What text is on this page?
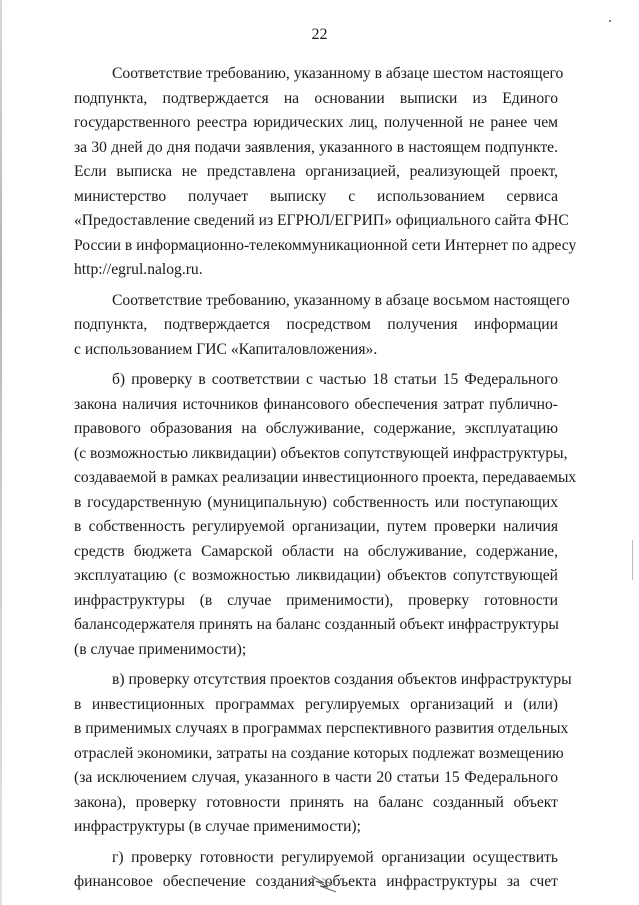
22

Соответствие требованию, указанному в абзаце шестом настоящего
подпункта, подтверждается на основании выписки из Единого
государственного реестра юридических лиц, полученной не ранее чем
за 30 дней до дня подачи заявления, указанного в настоящем подпункте.
Если выписка не представлена организацией, реализующей проект,
министерство получает выписку с использованием сервиса
«Предоставление сведений из ЕГРЮЛ/ЕГРИП» официального сайта ФНС
России в информационно-телекоммуникационной сети Интернет по адресу
http://egrul.nalog.ru.

Соответствие требованию, указанному в абзаце восьмом настоящего
подпункта, подтверждается посредством получения информации
с использованием ГИС «Капиталовложения».

б) проверку в соответствии с частью 18 статьи 15 Федерального
закона наличия источников финансового обеспечения затрат публично-
правового образования на обслуживание, содержание, эксплуатацию
(с возможностью ликвидации) объектов сопутствующей инфраструктуры,
создаваемой в рамках реализации инвестиционного проекта, передаваемых
в государственную (муниципальную) собственность или поступающих
в собственность регулируемой организации, путем проверки наличия
средств бюджета Самарской области на обслуживание, содержание,
эксплуатацию (с возможностью ликвидации) объектов сопутствующей
инфраструктуры (в случае применимости), проверку готовности
балансодержателя принять на баланс созданный объект инфраструктуры
(в случае применимости);

в) проверку отсутствия проектов создания объектов инфраструктуры
в инвестиционных программах регулируемых организаций и (или)
в применимых случаях в программах перспективного развития отдельных
отраслей экономики, затраты на создание которых подлежат возмещению
(за исключением случая, указанного в части 20 статьи 15 Федерального
закона), проверку готовности принять на баланс созданный объект
инфраструктуры (в случае применимости);

г) проверку готовности регулируемой организации осуществить
финансовое обеспечение создания объекта инфраструктуры за счет
